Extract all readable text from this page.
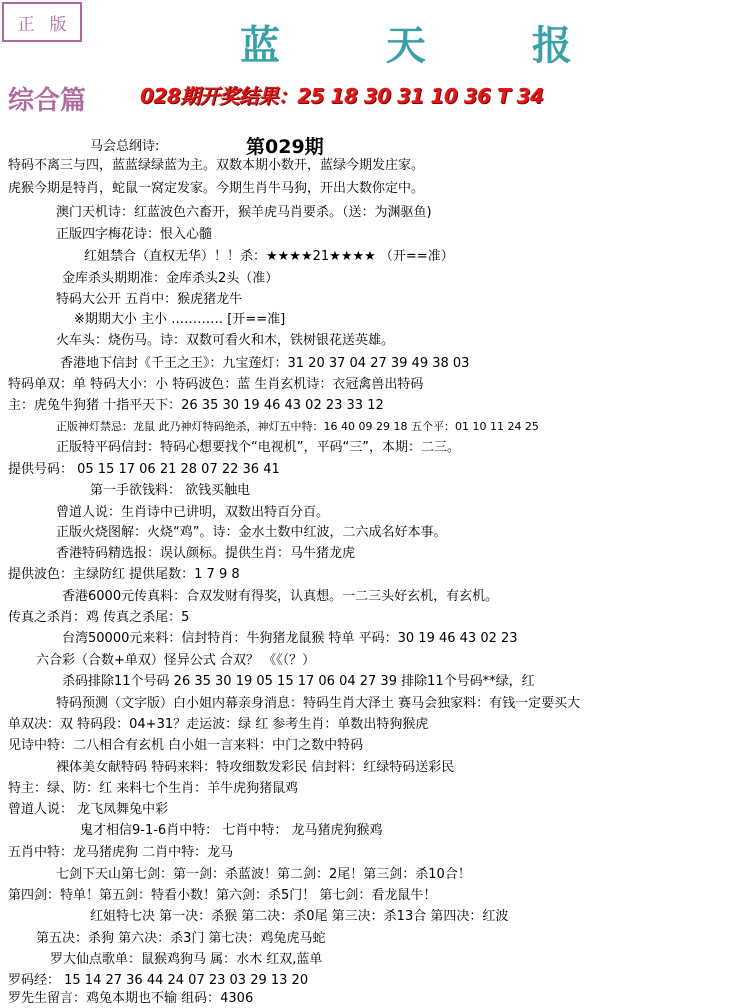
正 版	蓝 天 报
综合篇	028期开奖结果：25 18 30 31 10 36 T 34
马会总纲诗:	第029期
特码不离三与四，蓝蓝绿绿蓝为主。双数本期小数开，蓝绿今期发庄家。
虎猴今期是特肖，蛇鼠一窝定发家。今期生肖牛马狗，开出大数你定中。
澳门天机诗：红蓝波色六畜开，猴羊虎马肖要杀。（送：为渊驱鱼)
正版四字梅花诗：恨入心髓
红姐禁合（直权无华）！！杀：★★★★21★★★★ （开==准）
金库杀头期期准：金库杀头2头（准）
特码大公开 五肖中：猴虎猪龙牛
※期期大小 主小 ………… [开==准]
火车头：烧伤马。诗：双数可看火和木，铁树银花送英雄。
香港地下信封《千王之王》：九宝莲灯：31 20 37 04 27 39 49 38 03
特码单双：单 特码大小：小 特码波色：蓝 生肖玄机诗：衣冠禽兽出特码
主：虎兔牛狗猪 十指平天下：26 35 30 19 46 43 02 23 33 12
正版神灯禁忌：龙鼠 此乃神灯特码绝杀，神灯五中特：16 40 09 29 18 五个平：01 10 11 24 25
正版特平码信封：特码心想要找个“电视机”，平码“三”，本期：二三。
提供号码： 05 15 17 06 21 28 07 22 36 41
第一手欲钱料： 欲钱买触电
曾道人说：生肖诗中已讲明，双数出特百分百。
正版火烧图解：火烧“鸡”。诗：金水土数中红波，二六成名好本事。
香港特码精选报：误认颜标。提供生肖：马牛猪龙虎
提供波色：主绿防红 提供尾数：1 7 9 8
香港6000元传真料：合双发财有得奖，认真想。一二三头好玄机，有玄机。
传真之杀肖：鸡 传真之杀尾：5
台湾50000元来料：信封特肖：牛狗猪龙鼠猴 特单 平码：30 19 46 43 02 23
六合彩（合数+单双）怪异公式 合双？ 《《（？）
杀码排除11个号码 26 35 30 19 05 15 17 06 04 27 39 排除11个号码**绿，红
特码预测（文字版）白小姐内幕亲身消息：特码生肖大泽土 赛马会独家料：有钱一定要买大
单双决：双 特码段：04+31？走运波：绿 红 参考生肖：单数出特狗猴虎
见诗中特：二八相合有玄机 白小姐一言来料：中门之数中特码
裸体美女献特码 特码来料：特攻细数发彩民 信封料：红绿特码送彩民
特主：绿、防：红 来料七个生肖：羊牛虎狗猪鼠鸡
曾道人说： 龙飞凤舞兔中彩
鬼才相信9-1-6肖中特： 七肖中特： 龙马猪虎狗猴鸡
五肖中特：龙马猪虎狗 二肖中特：龙马
七剑下天山第七剑：第一剑：杀蓝波！第二剑：2尾！第三剑：杀10合！
第四剑：特单！第五剑：特看小数！第六剑：杀5门！ 第七剑：看龙鼠牛！
红姐特七决 第一决：杀猴 第二决：杀0尾 第三决：杀13合 第四决：红波
第五决：杀狗 第六决：杀3门 第七决：鸡兔虎马蛇
罗大仙点歌单：鼠猴鸡狗马 属：水木 红双,蓝单
罗码经： 15 14 27 36 44 24 07 23 03 29 13 20
罗先生留言：鸡兔本期也不输 组码：4306
